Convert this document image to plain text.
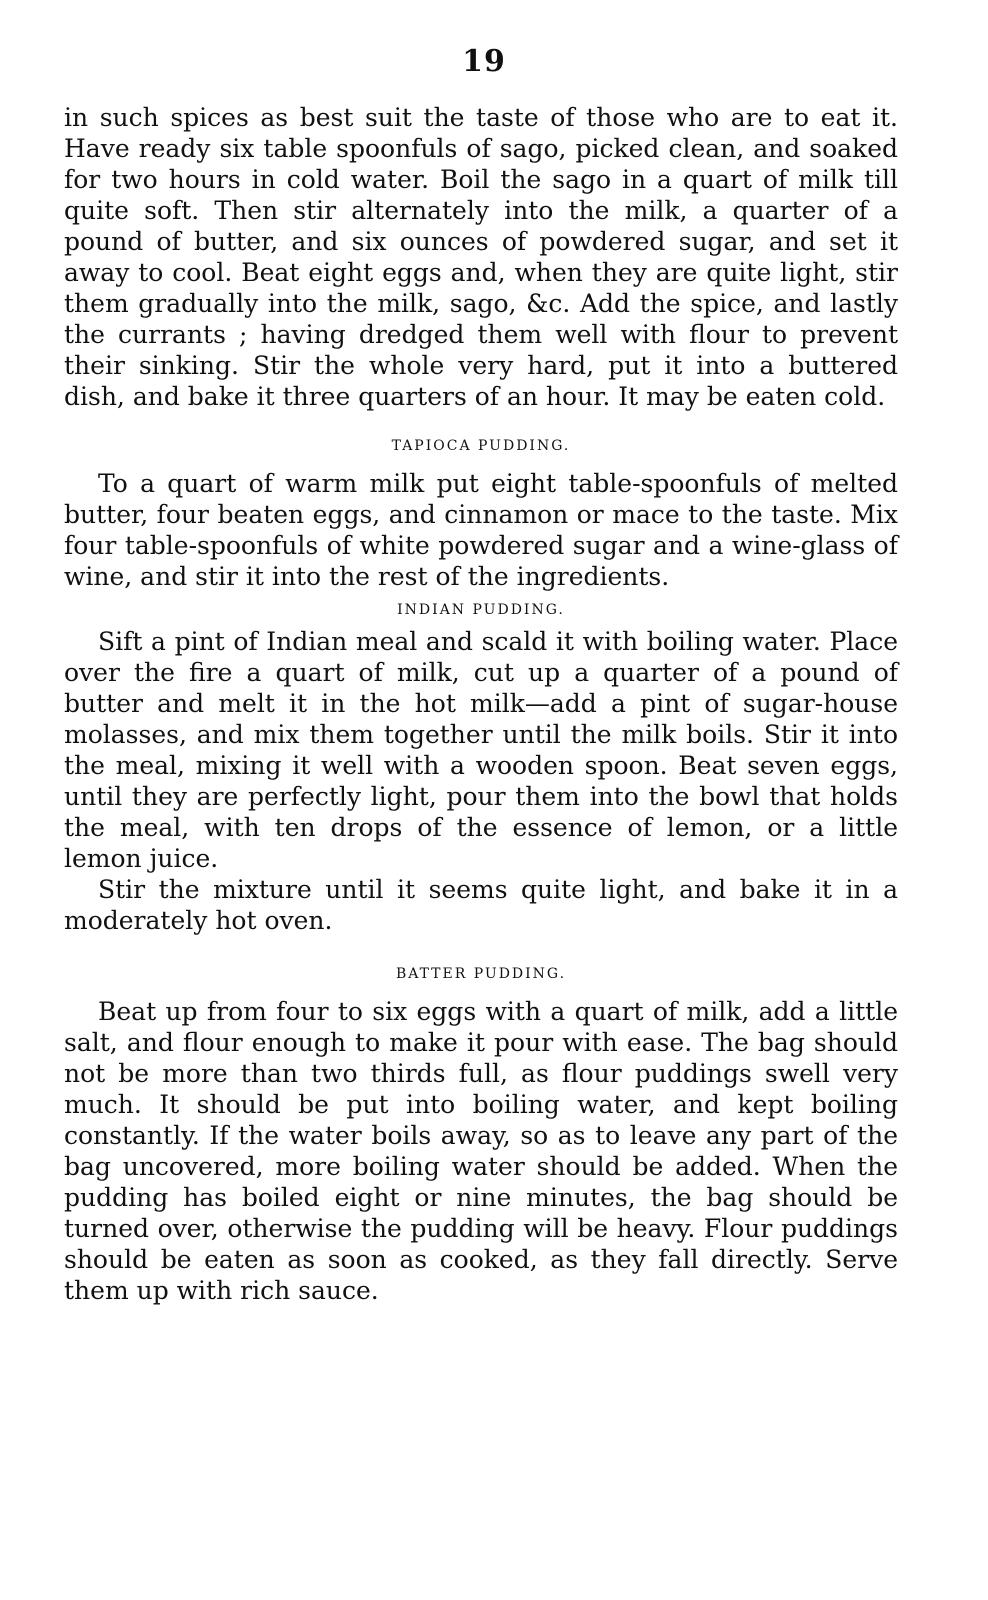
19

in such spices as best suit the taste of those who are to eat it. Have ready six table spoonfuls of sago, picked clean, and soaked for two hours in cold water. Boil the sago in a quart of milk till quite soft. Then stir alternately into the milk, a quarter of a pound of butter, and six ounces of powdered sugar, and set it away to cool. Beat eight eggs and, when they are quite light, stir them gradually into the milk, sago, &c. Add the spice, and lastly the currants ; having dredged them well with flour to prevent their sinking. Stir the whole very hard, put it into a buttered dish, and bake it three quarters of an hour. It may be eaten cold.

TAPIOCA PUDDING.

To a quart of warm milk put eight table-spoonfuls of melted butter, four beaten eggs, and cinnamon or mace to the taste. Mix four table-spoonfuls of white powdered sugar and a wine-glass of wine, and stir it into the rest of the ingredients.

INDIAN PUDDING.

Sift a pint of Indian meal and scald it with boiling water. Place over the fire a quart of milk, cut up a quarter of a pound of butter and melt it in the hot milk—add a pint of sugar-house molasses, and mix them together until the milk boils. Stir it into the meal, mixing it well with a wooden spoon. Beat seven eggs, until they are perfectly light, pour them into the bowl that holds the meal, with ten drops of the essence of lemon, or a little lemon juice.

Stir the mixture until it seems quite light, and bake it in a moderately hot oven.

BATTER PUDDING.

Beat up from four to six eggs with a quart of milk, add a little salt, and flour enough to make it pour with ease. The bag should not be more than two thirds full, as flour puddings swell very much. It should be put into boiling water, and kept boiling constantly. If the water boils away, so as to leave any part of the bag uncovered, more boiling water should be added. When the pudding has boiled eight or nine minutes, the bag should be turned over, otherwise the pudding will be heavy. Flour puddings should be eaten as soon as cooked, as they fall directly. Serve them up with rich sauce.
